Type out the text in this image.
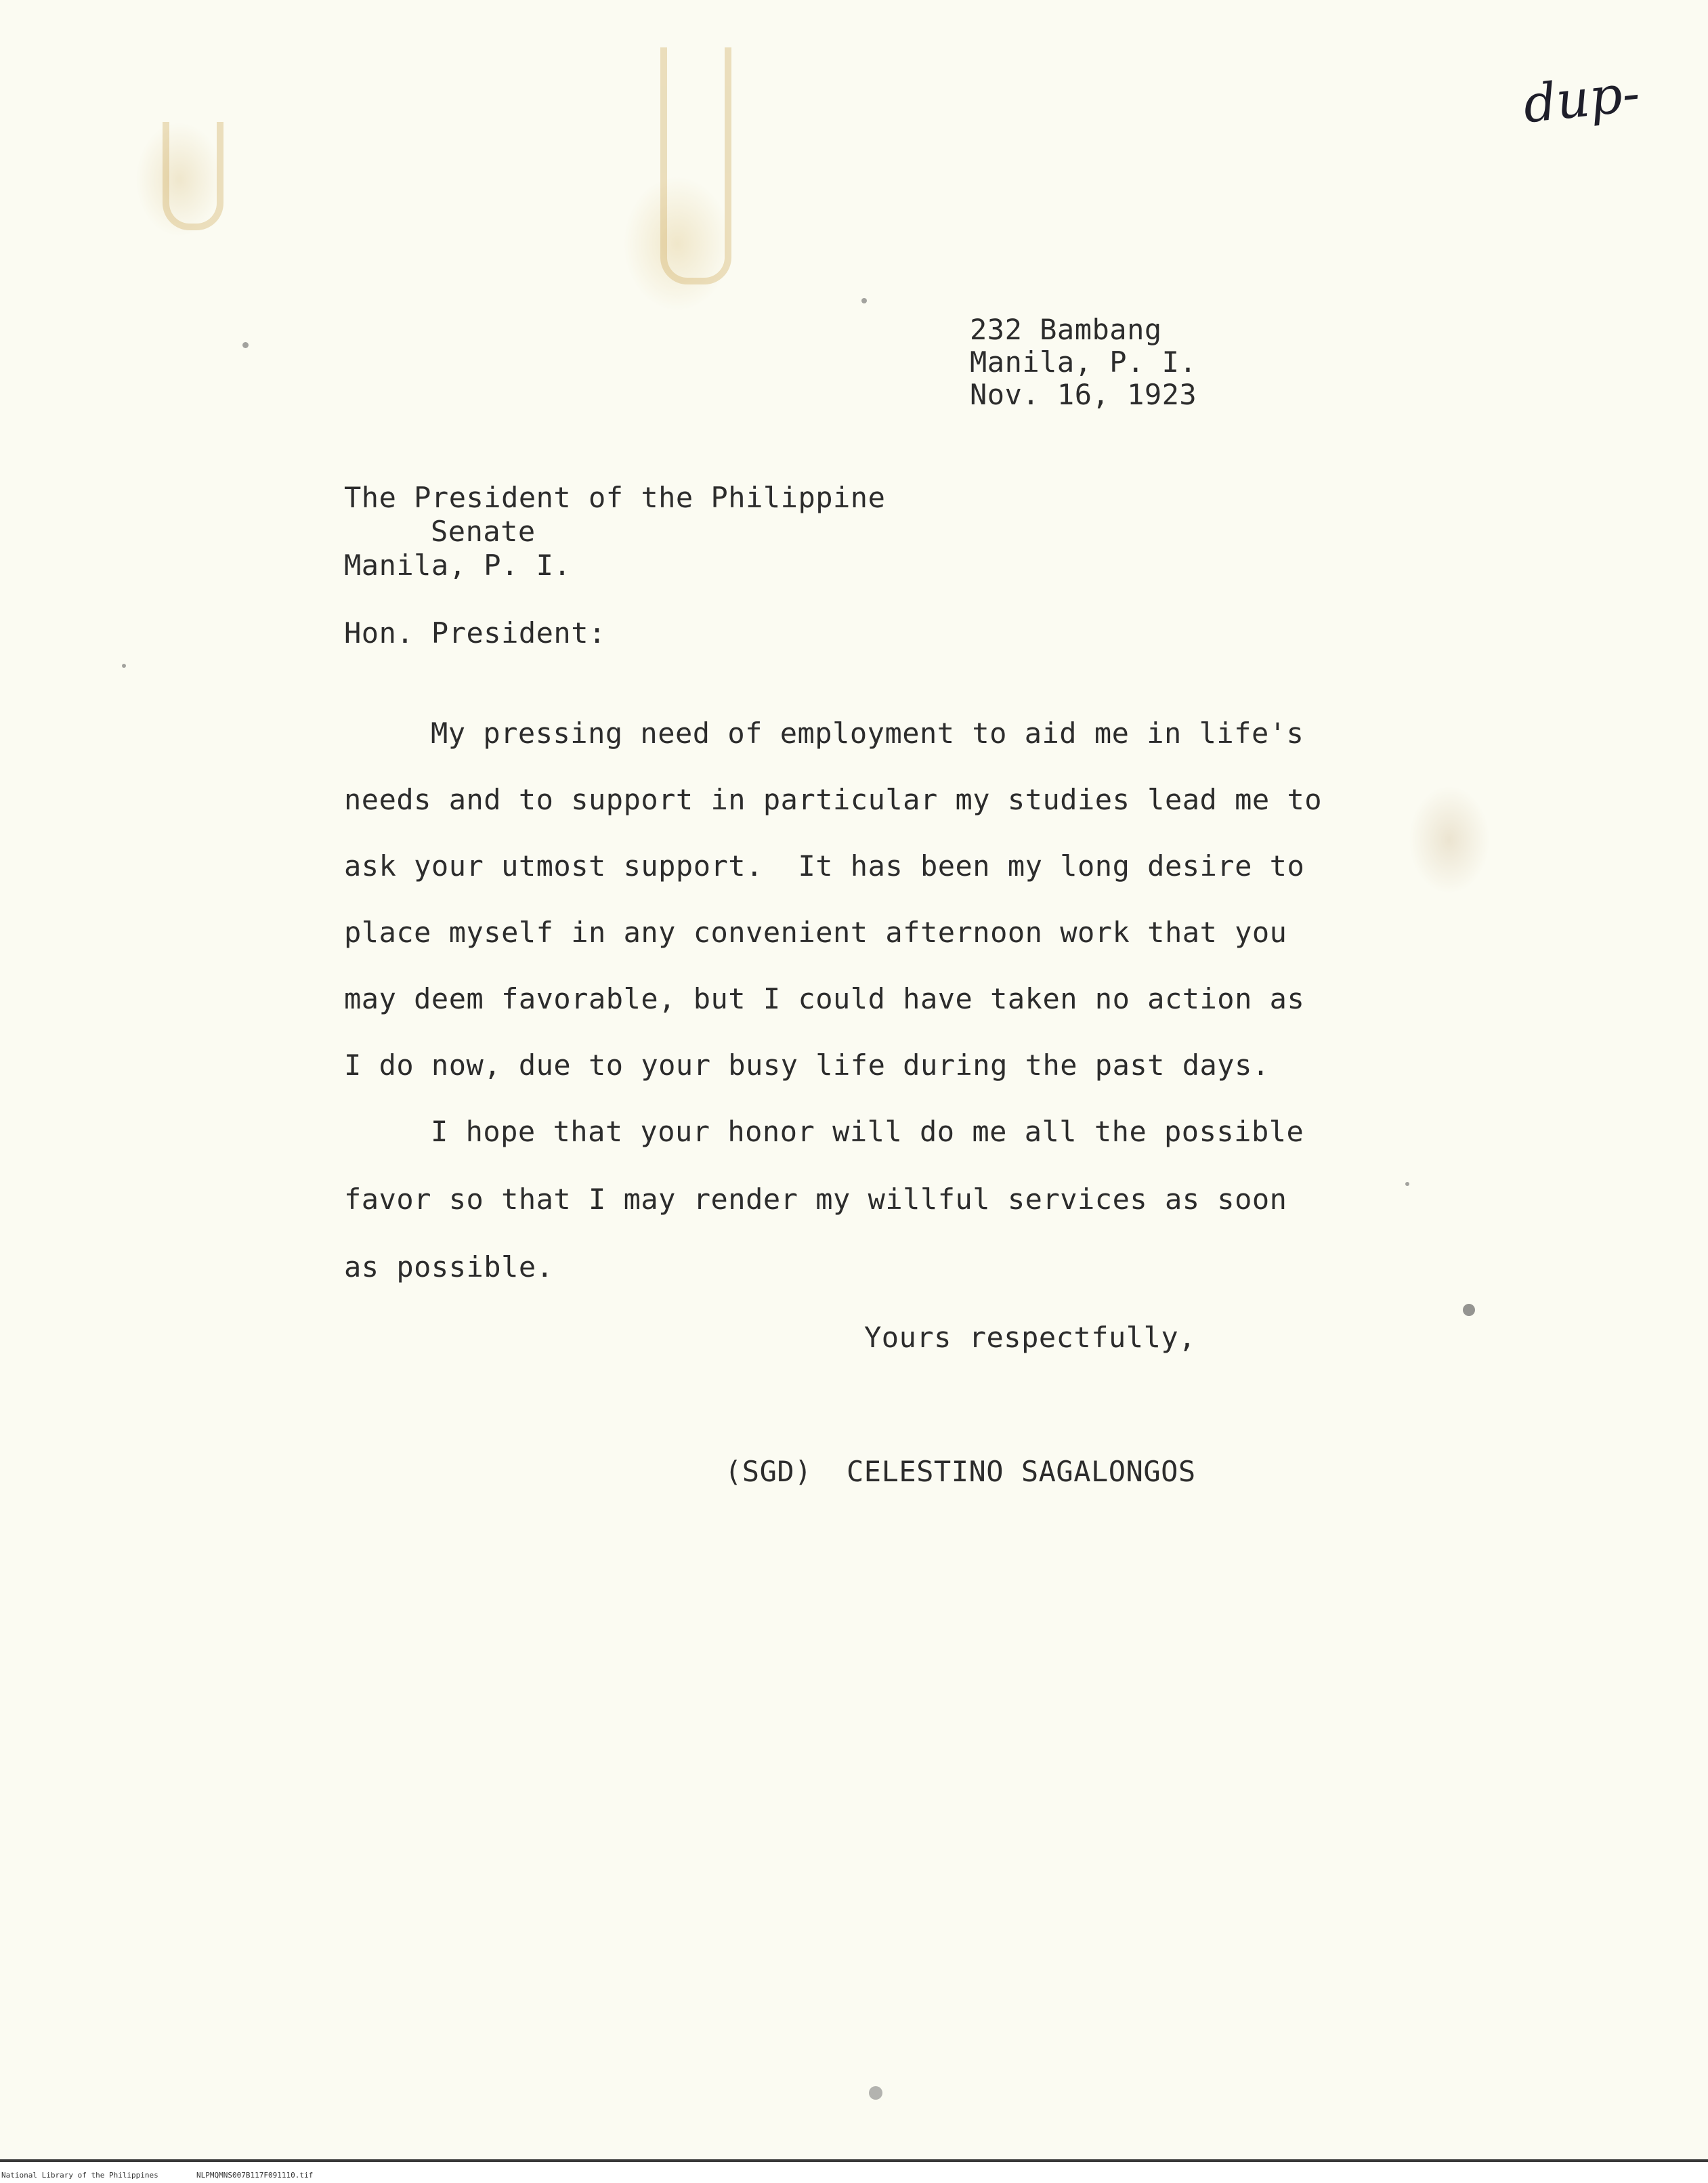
dup-
232 Bambang
Manila, P. I.
Nov. 16, 1923
The President of the Philippine
Senate
Manila, P. I.
Hon. President:
My pressing need of employment to aid me in life's
needs and to support in particular my studies lead me to
ask your utmost support.  It has been my long desire to
place myself in any convenient afternoon work that you
may deem favorable, but I could have taken no action as
I do now, due to your busy life during the past days.
I hope that your honor will do me all the possible
favor so that I may render my willful services as soon
as possible.
Yours respectfully,
(SGD) CELESTINO SAGALONGOS
National Library of the Philippines	NLPMQMNS007B117F091110.tif
